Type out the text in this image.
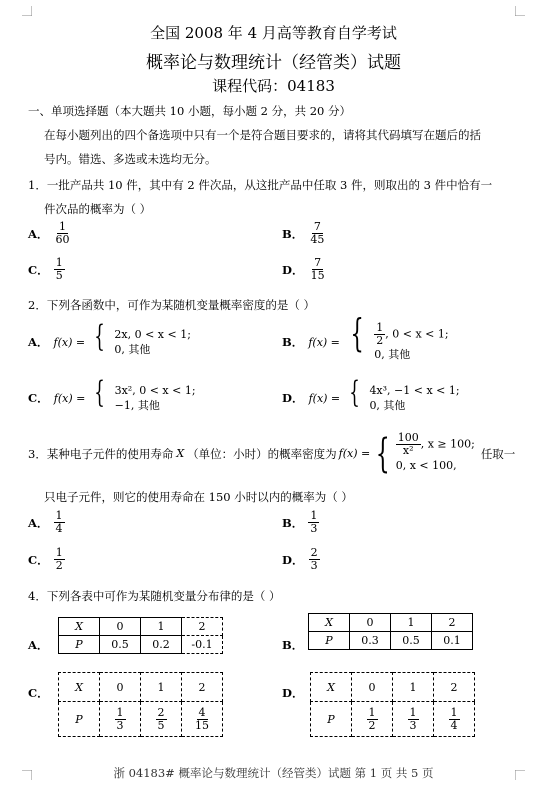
全国 2008 年 4 月高等教育自学考试
概率论与数理统计（经管类）试题
课程代码：04183
一、单项选择题（本大题共 10 小题，每小题 2 分，共 20 分）
在每小题列出的四个备选项中只有一个是符合题目要求的，请将其代码填写在题后的括
号内。错选、多选或未选均无分。
1．一批产品共 10 件，其中有 2 件次品，从这批产品中任取 3 件，则取出的 3 件中恰有一
件次品的概率为（ ）
A． $\frac{1}{60}$	B． $\frac{7}{45}$
C． $\frac{1}{5}$	D． $\frac{7}{15}$
2．下列各函数中，可作为某随机变量概率密度的是（ ）
A． f(x) = { 2x, 0 < x < 1;
0, 其他	B． f(x) = { $\frac{1}{2}$ , 0 < x < 1;
0, 其他
C． f(x) = { 3x², 0 < x < 1;
−1, 其他	D． f(x) = { 4x³, −1 < x < 1;
0, 其他
3．某种电子元件的使用寿命 X （单位：小时）的概率密度为 f(x) = { $\frac{100}{\text{x²}}$ , x ≥ 100;
0, x < 100,
任取一
只电子元件，则它的使用寿命在 150 小时以内的概率为（ ）
A． $\frac{1}{4}$	B． $\frac{1}{3}$
C． $\frac{1}{2}$	D． $\frac{2}{3}$
4．下列各表中可作为某随机变量分布律的是（ ）
A．
X	0	1	2
P	0.5	0.2	-0.1	B．
X	0	1	2
P	0.3	0.5	0.1
C． X	0	1	2
P	$\frac{1}{3}$	$\frac{2}{5}$	$\frac{4}{15}$
D． X	0	1	2
P	$\frac{1}{2}$	$\frac{1}{3}$	$\frac{1}{4}$
浙 04183# 概率论与数理统计（经管类）试题 第 1 页 共 5 页
